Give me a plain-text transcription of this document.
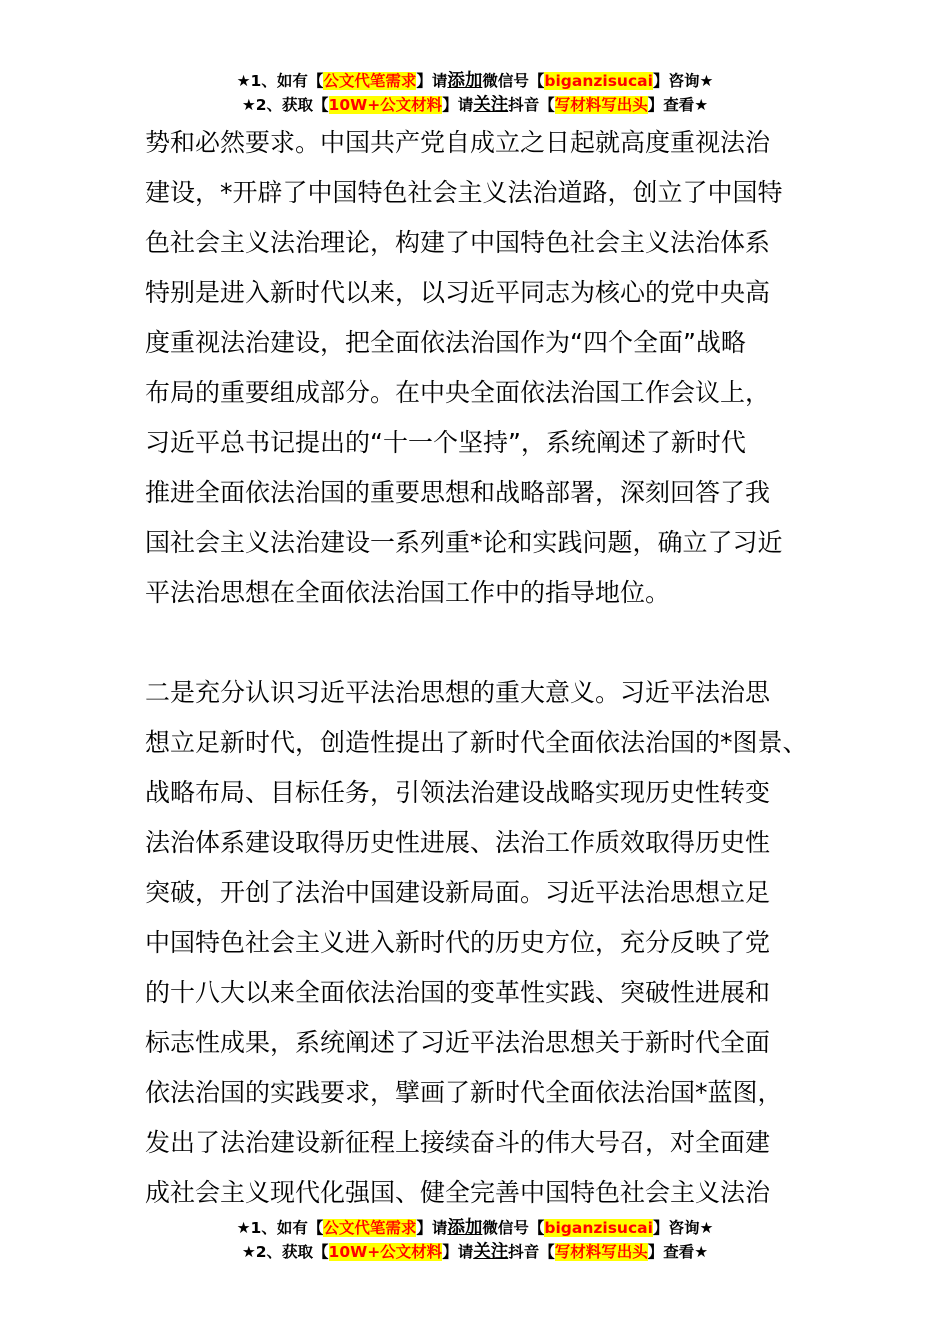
★1、如有【公文代笔需求】请添加微信号【biganzisucai】咨询★
★2、获取【10W+公文材料】请关注抖音【写材料写出头】查看★
势和必然要求。中国共产党自成立之日起就高度重视法治
建设，*开辟了中国特色社会主义法治道路，创立了中国特
色社会主义法治理论，构建了中国特色社会主义法治体系
特别是进入新时代以来，以习近平同志为核心的党中央高
度重视法治建设，把全面依法治国作为“四个全面”战略
布局的重要组成部分。在中央全面依法治国工作会议上，
习近平总书记提出的“十一个坚持”，系统阐述了新时代
推进全面依法治国的重要思想和战略部署，深刻回答了我
国社会主义法治建设一系列重*论和实践问题，确立了习近
平法治思想在全面依法治国工作中的指导地位。
二是充分认识习近平法治思想的重大意义。习近平法治思
想立足新时代，创造性提出了新时代全面依法治国的*图景、
战略布局、目标任务，引领法治建设战略实现历史性转变
法治体系建设取得历史性进展、法治工作质效取得历史性
突破，开创了法治中国建设新局面。习近平法治思想立足
中国特色社会主义进入新时代的历史方位，充分反映了党
的十八大以来全面依法治国的变革性实践、突破性进展和
标志性成果，系统阐述了习近平法治思想关于新时代全面
依法治国的实践要求，擘画了新时代全面依法治国*蓝图，
发出了法治建设新征程上接续奋斗的伟大号召，对全面建
成社会主义现代化强国、健全完善中国特色社会主义法治
★1、如有【公文代笔需求】请添加微信号【biganzisucai】咨询★
★2、获取【10W+公文材料】请关注抖音【写材料写出头】查看★
